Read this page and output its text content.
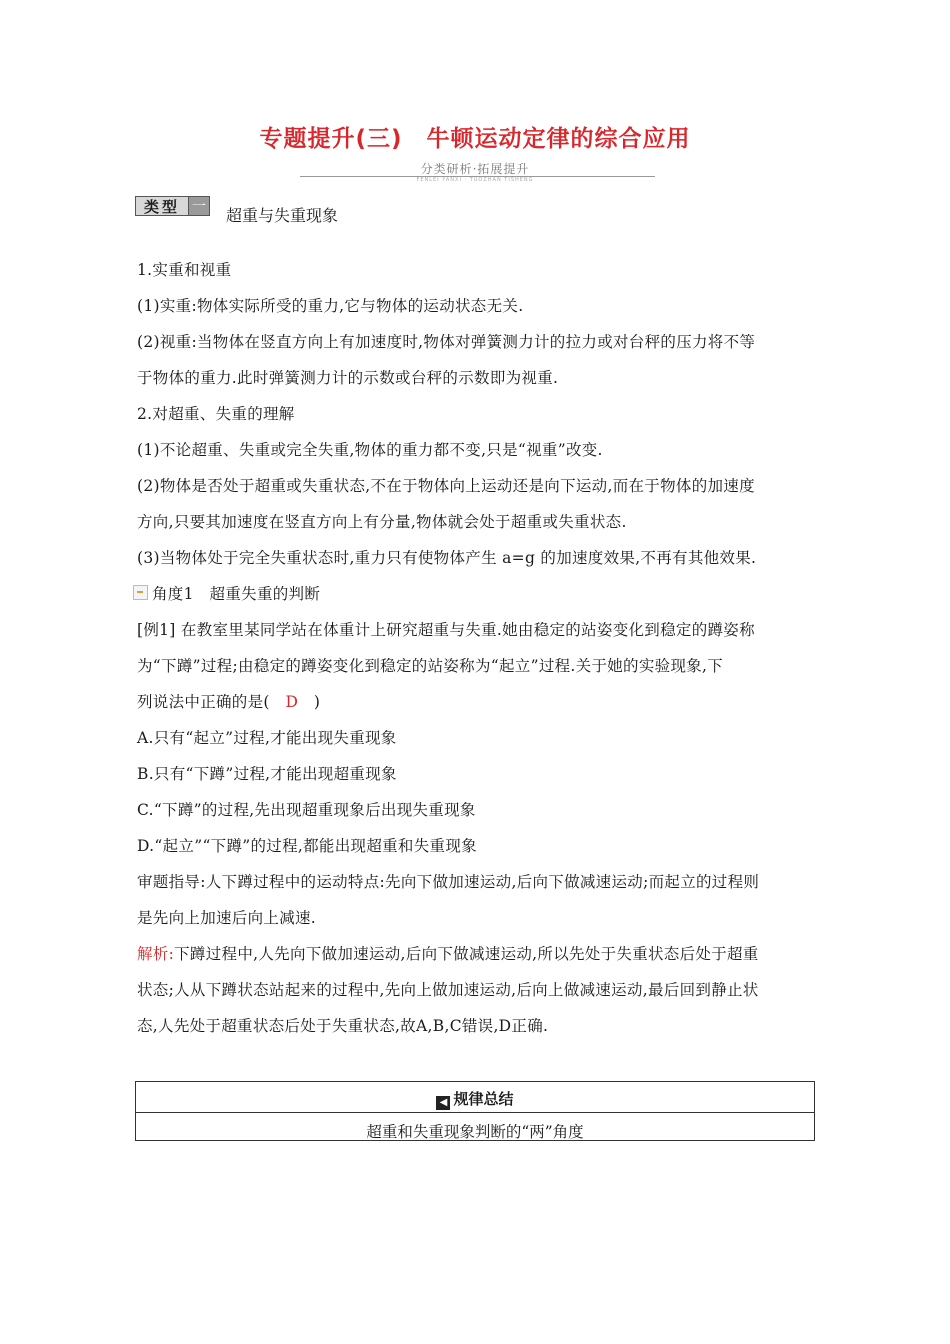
专题提升(三)　牛顿运动定律的综合应用
分类研析·拓展提升
FENLEI YANXI · TUOZHAN TISHENG
类型 一 超重与失重现象
1.实重和视重
(1)实重:物体实际所受的重力,它与物体的运动状态无关.
(2)视重:当物体在竖直方向上有加速度时,物体对弹簧测力计的拉力或对台秤的压力将不等
于物体的重力.此时弹簧测力计的示数或台秤的示数即为视重.
2.对超重、失重的理解
(1)不论超重、失重或完全失重,物体的重力都不变,只是“视重”改变.
(2)物体是否处于超重或失重状态,不在于物体向上运动还是向下运动,而在于物体的加速度
方向,只要其加速度在竖直方向上有分量,物体就会处于超重或失重状态.
(3)当物体处于完全失重状态时,重力只有使物体产生 a=g 的加速度效果,不再有其他效果.
角度1　超重失重的判断
[例1] 在教室里某同学站在体重计上研究超重与失重.她由稳定的站姿变化到稳定的蹲姿称
为“下蹲”过程;由稳定的蹲姿变化到稳定的站姿称为“起立”过程.关于她的实验现象,下
列说法中正确的是( D )
A.只有“起立”过程,才能出现失重现象
B.只有“下蹲”过程,才能出现超重现象
C.“下蹲”的过程,先出现超重现象后出现失重现象
D.“起立”“下蹲”的过程,都能出现超重和失重现象
审题指导:人下蹲过程中的运动特点:先向下做加速运动,后向下做减速运动;而起立的过程则
是先向上加速后向上减速.
解析:下蹲过程中,人先向下做加速运动,后向下做减速运动,所以先处于失重状态后处于超重
状态;人从下蹲状态站起来的过程中,先向上做加速运动,后向上做减速运动,最后回到静止状
态,人先处于超重状态后处于失重状态,故A,B,C错误,D正确.
◀ 规律总结
超重和失重现象判断的“两”角度
